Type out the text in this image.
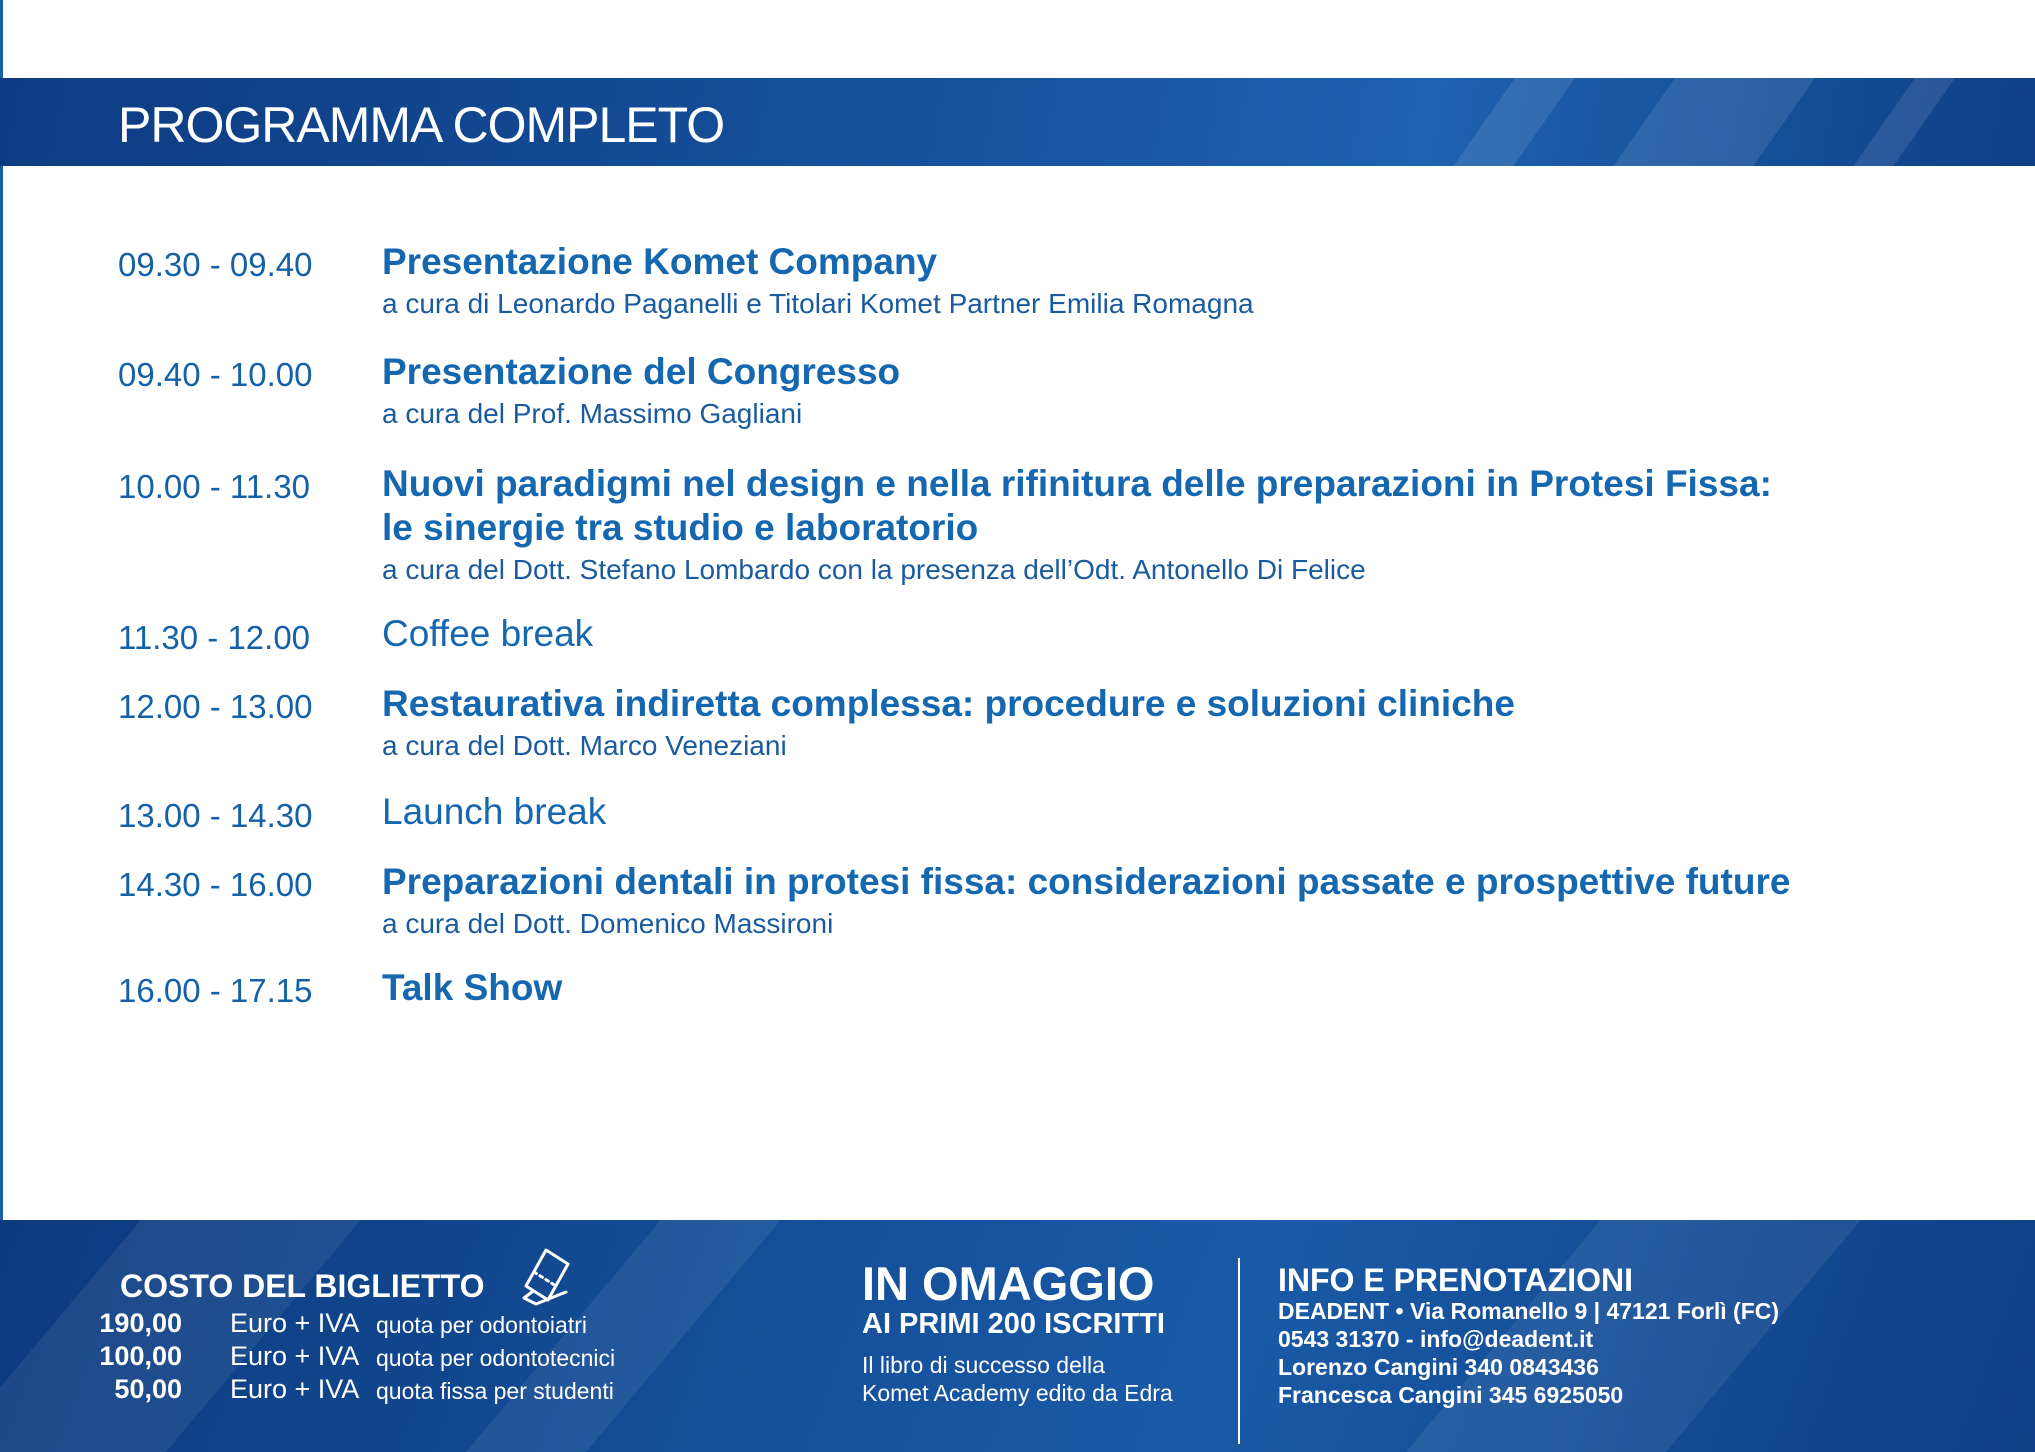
PROGRAMMA COMPLETO
09.30 - 09.40 Presentazione Komet Company
a cura di Leonardo Paganelli e Titolari Komet Partner Emilia Romagna
09.40 - 10.00 Presentazione del Congresso
a cura del Prof. Massimo Gagliani
10.00 - 11.30 Nuovi paradigmi nel design e nella rifinitura delle preparazioni in Protesi Fissa:
le sinergie tra studio e laboratorio
a cura del Dott. Stefano Lombardo con la presenza dell’Odt. Antonello Di Felice
11.30 - 12.00 Coffee break
12.00 - 13.00 Restaurativa indiretta complessa: procedure e soluzioni cliniche
a cura del Dott. Marco Veneziani
13.00 - 14.30 Launch break
14.30 - 16.00 Preparazioni dentali in protesi fissa: considerazioni passate e prospettive future
a cura del Dott. Domenico Massironi
16.00 - 17.15 Talk Show
COSTO DEL BIGLIETTO
190,00 Euro + IVA quota per odontoiatri
100,00 Euro + IVA quota per odontotecnici
50,00 Euro + IVA quota fissa per studenti
IN OMAGGIO
AI PRIMI 200 ISCRITTI
Il libro di successo della
Komet Academy edito da Edra
INFO E PRENOTAZIONI
DEADENT • Via Romanello 9 | 47121 Forlì (FC)
0543 31370 - info@deadent.it
Lorenzo Cangini 340 0843436
Francesca Cangini 345 6925050
